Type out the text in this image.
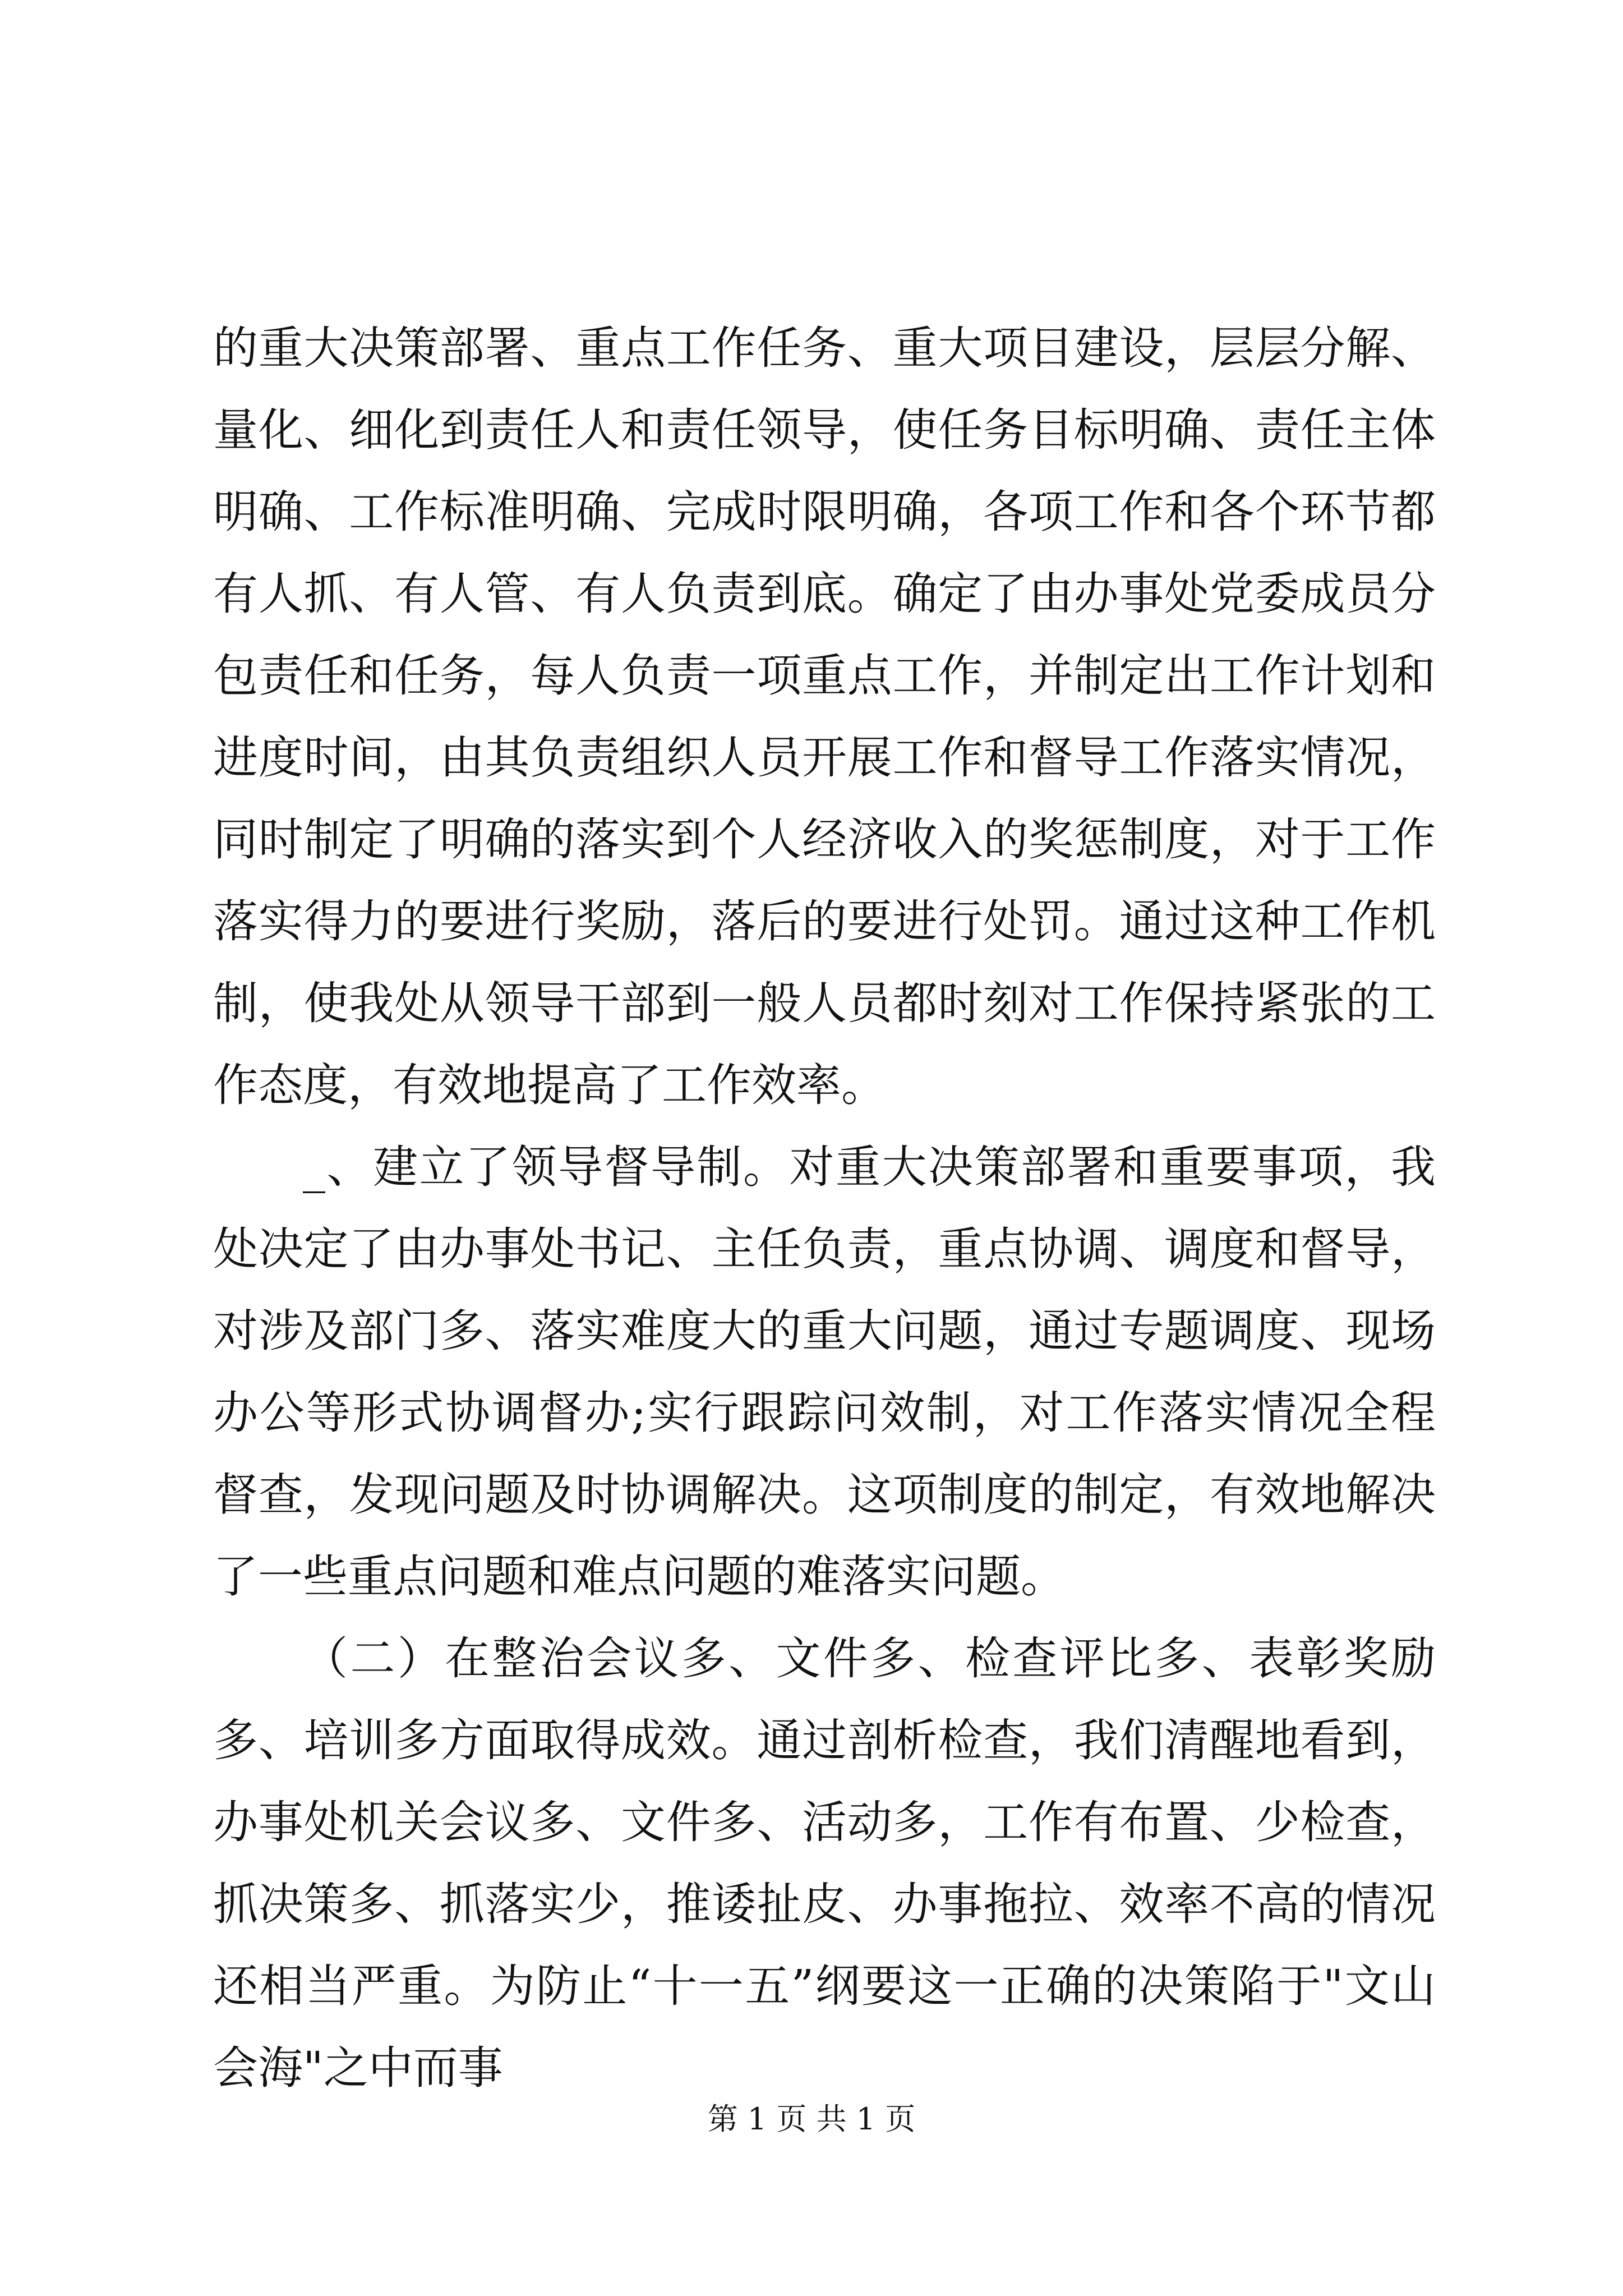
的重大决策部署、重点工作任务、重大项目建设，层层分解、量化、细化到责任人和责任领导，使任务目标明确、责任主体明确、工作标准明确、完成时限明确，各项工作和各个环节都有人抓、有人管、有人负责到底。确定了由办事处党委成员分包责任和任务，每人负责一项重点工作，并制定出工作计划和进度时间，由其负责组织人员开展工作和督导工作落实情况，同时制定了明确的落实到个人经济收入的奖惩制度，对于工作落实得力的要进行奖励，落后的要进行处罚。通过这种工作机制，使我处从领导干部到一般人员都时刻对工作保持紧张的工作态度，有效地提高了工作效率。

_、建立了领导督导制。对重大决策部署和重要事项，我处决定了由办事处书记、主任负责，重点协调、调度和督导，对涉及部门多、落实难度大的重大问题，通过专题调度、现场办公等形式协调督办;实行跟踪问效制，对工作落实情况全程督查，发现问题及时协调解决。这项制度的制定，有效地解决了一些重点问题和难点问题的难落实问题。

（二）在整治会议多、文件多、检查评比多、表彰奖励多、培训多方面取得成效。通过剖析检查，我们清醒地看到，办事处机关会议多、文件多、活动多，工作有布置、少检查，抓决策多、抓落实少，推诿扯皮、办事拖拉、效率不高的情况还相当严重。为防止“十一五”纲要这一正确的决策陷于"文山会海"之中而事

第 1 页 共 1 页
